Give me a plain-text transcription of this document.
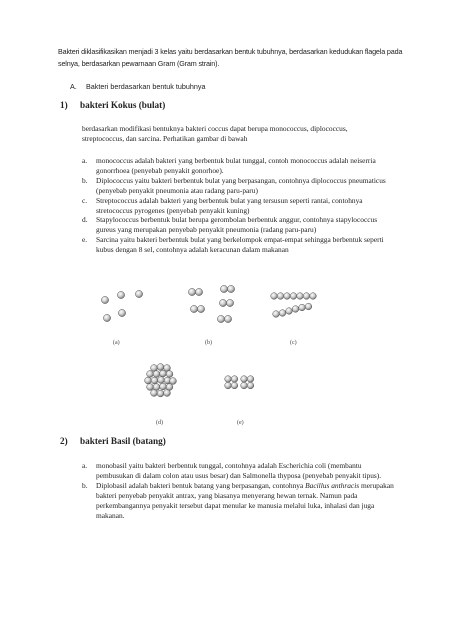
Bakteri diklasifikasikan menjadi 3 kelas yaitu berdasarkan bentuk tubuhnya, berdasarkan kedudukan flagela pada selnya, berdasarkan pewarnaan Gram (Gram strain).
A. Bakteri berdasarkan bentuk tubuhnya
1) bakteri Kokus (bulat)
berdasarkan modifikasi bentuknya bakteri coccus dapat berupa monococcus, diplococcus, streptococcus, dan sarcina. Perhatikan gambar di bawah
a.	monococcus adalah bakteri yang berbentuk bulat tunggal, contoh monococcus adalah neiserria gonorrhoea (penyebab penyakit gonorhoe).
b.	Diplococcus yaitu bakteri berbentuk bulat yang berpasangan, contohnya diplococcus pneumaticus (penyebab penyakit pneumonia atau radang paru-paru)
c.	Streptococcus adalah bakteri yang berbentuk bulat yang tersusun seperti rantai, contohnya stretococcus pyrogenes (penyebab penyakit kuning)
d.	Stapylococcus berbentuk bulat berupa gerombolan berbentuk anggur, contohnya stapylococcus gureus yang merupakan penyebab penyakit pneumonia (radang paru-paru)
e.	Sarcina yaitu bakteri berbentuk bulat yang berkelompok empat-empat sehingga berbentuk seperti kubus dengan 8 sel, contohnya adalah keracunan dalam makanan
(a)	(b)	(c)
(d)	(e)
2) bakteri Basil (batang)
a.	monobasil yaitu bakteri berbentuk tunggal, contohnya adalah Escherichia coli (membantu pembusukan di dalam colon atau usus besar) dan Salmonella thyposa (penyebab penyakit tipus).
b.	Diplobasil adalah bakteri bentuk batang yang berpasangan, contohnya Bacillus anthracis merupakan bakteri penyebab penyakit antrax, yang biasanya menyerang hewan ternak. Namun pada perkembangannya penyakit tersebut dapat menular ke manusia melalui luka, inhalasi dan juga makanan.
